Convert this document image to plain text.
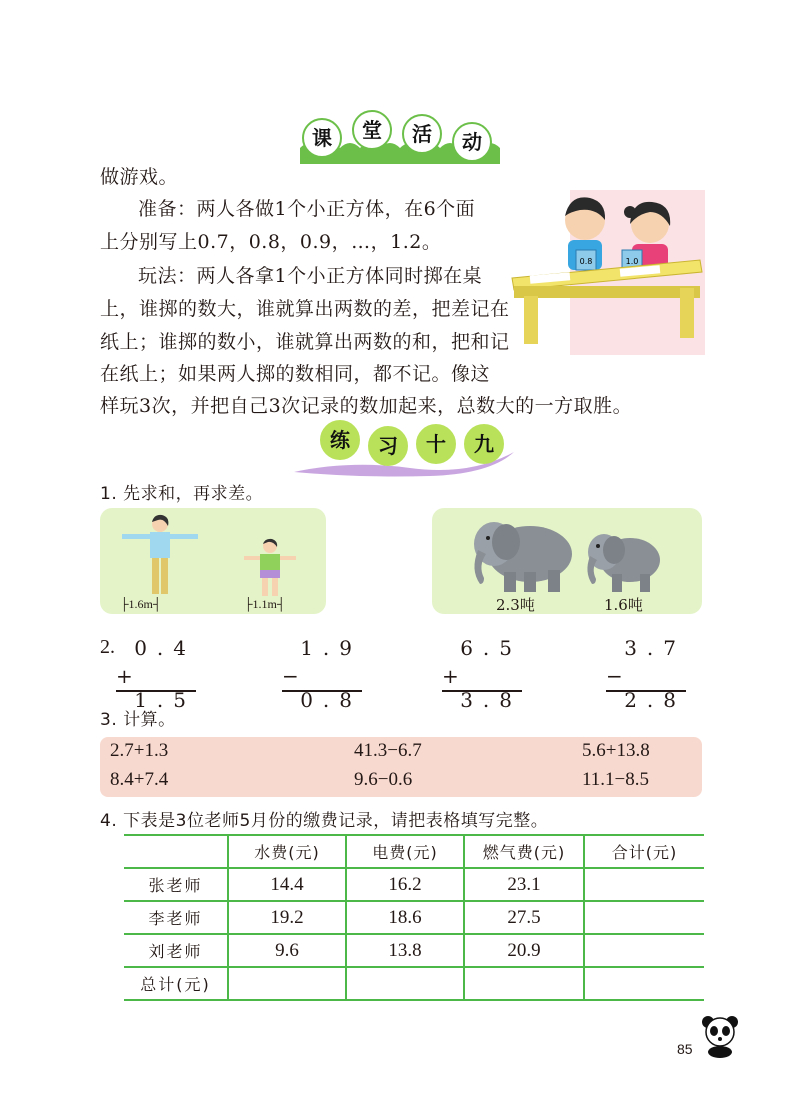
课	堂	活	动
做游戏。
准备：两人各做1个小正方体，在6个面
上分别写上0.7，0.8，0.9，…，1.2。
玩法：两人各拿1个小正方体同时掷在桌
上，谁掷的数大，谁就算出两数的差，把差记在
纸上；谁掷的数小，谁就算出两数的和，把和记
在纸上；如果两人掷的数相同，都不记。像这
样玩3次，并把自己3次记录的数加起来，总数大的一方取胜。
0.8	1.0
练	习	十	九
1. 先求和，再求差。
├1.6m┤	├1.1m┤	2.3吨	1.6吨
2. 0.4
+
1.5
1.9
−
0.8
6.5
+
3.8
3.7
−
2.8
3. 计算。
2.7+1.3	41.3−6.7	5.6+13.8
8.4+7.4	9.6−0.6	11.1−8.5
4. 下表是3位老师5月份的缴费记录，请把表格填写完整。
	水费(元)	电费(元)	燃气费(元)	合计(元)
张老师	14.4	16.2	23.1	
李老师	19.2	18.6	27.5	
刘老师	9.6	13.8	20.9	
总计(元)				
85
